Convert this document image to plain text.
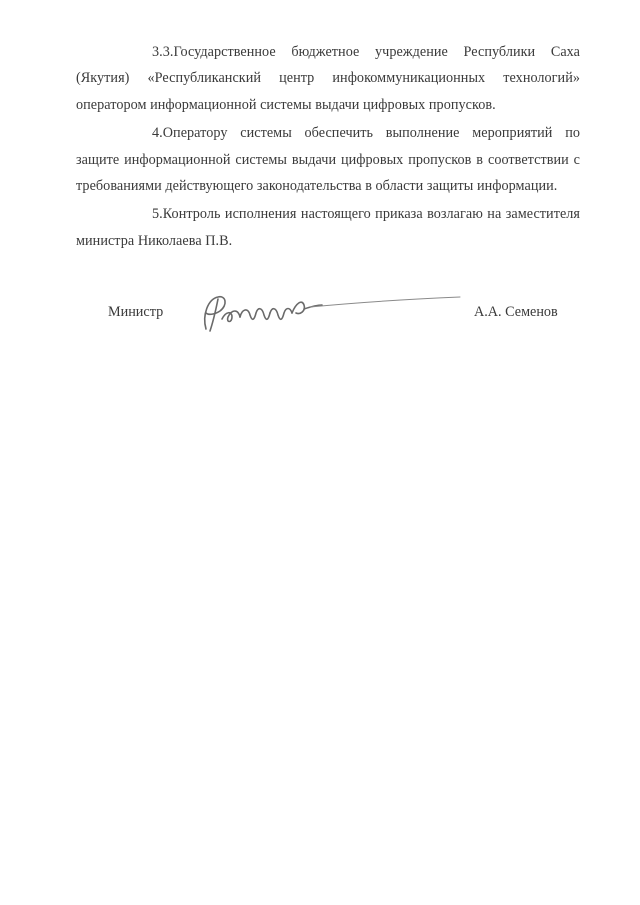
3.3.Государственное бюджетное учреждение Республики Саха (Якутия) «Республиканский центр инфокоммуникационных технологий» оператором информационной системы выдачи цифровых пропусков.

4.Оператору системы обеспечить выполнение мероприятий по защите информационной системы выдачи цифровых пропусков в соответствии с требованиями действующего законодательства в области защиты информации.

5.Контроль исполнения настоящего приказа возлагаю на заместителя министра Николаева П.В.

Министр	А.А. Семенов
